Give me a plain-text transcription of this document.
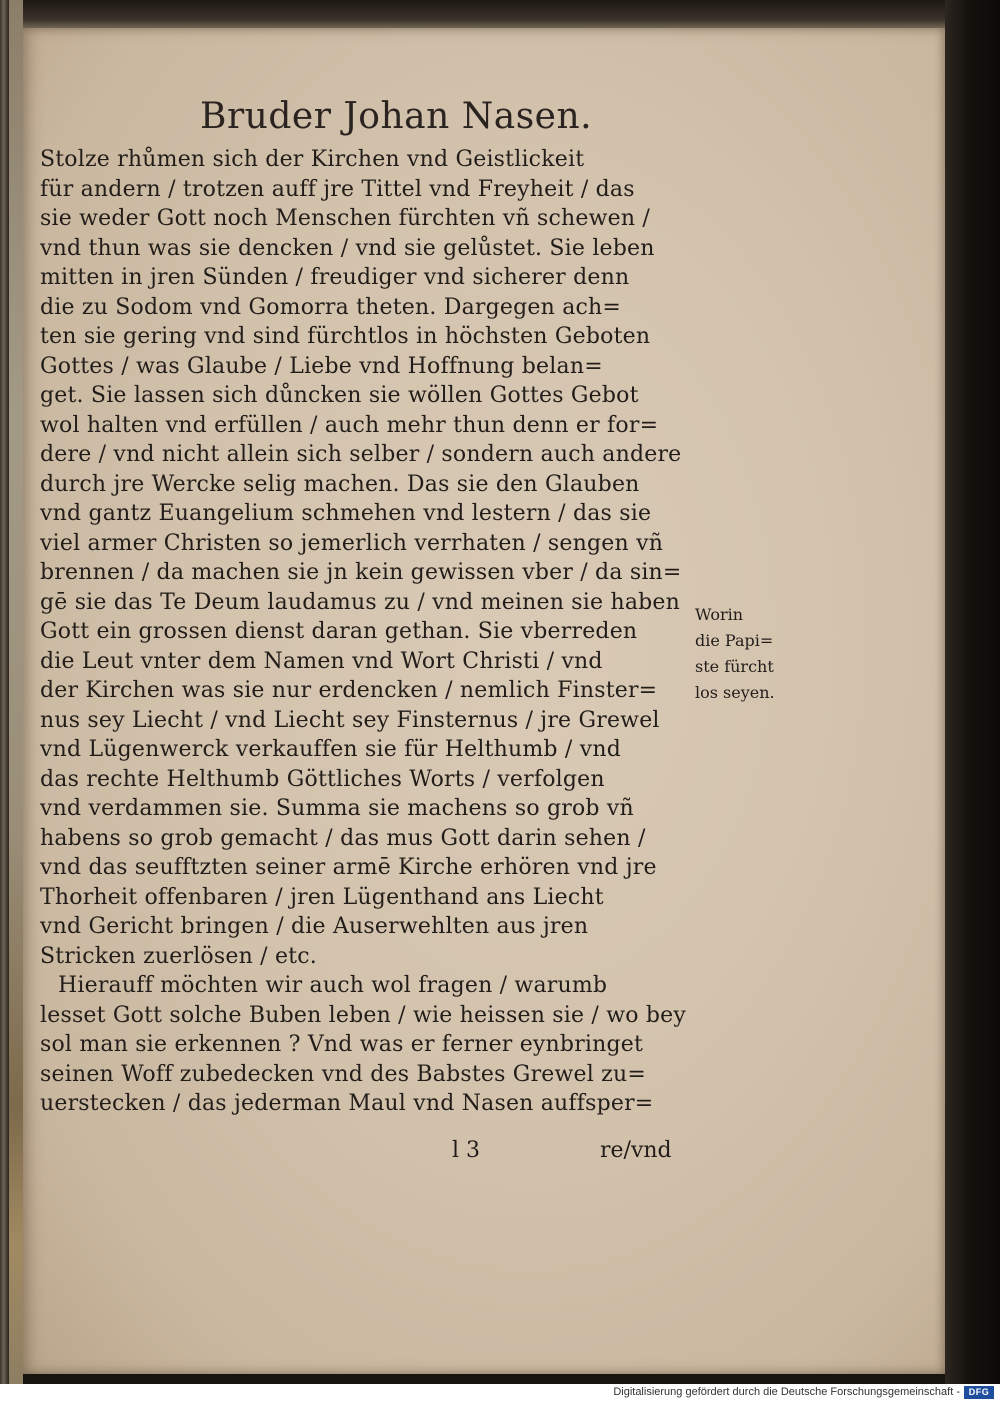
Bruder Johan Nasen.
Stolze rhůmen sich der Kirchen vnd Geistlickeit
für andern / trotzen auff jre Tittel vnd Freyheit / das
sie weder Gott noch Menschen fürchten vñ schewen /
vnd thun was sie dencken / vnd sie gelůstet. Sie leben
mitten in jren Sünden / freudiger vnd sicherer denn
die zu Sodom vnd Gomorra theten. Dargegen ach=
ten sie gering vnd sind fürchtlos in höchsten Geboten
Gottes / was Glaube / Liebe vnd Hoffnung belan=
get. Sie lassen sich důncken sie wöllen Gottes Gebot
wol halten vnd erfüllen / auch mehr thun denn er for=
dere / vnd nicht allein sich selber / sondern auch andere
durch jre Wercke selig machen. Das sie den Glauben
vnd gantz Euangelium schmehen vnd lestern / das sie
viel armer Christen so jemerlich verrhaten / sengen vñ
brennen / da machen sie jn kein gewissen vber / da sin=
gē sie das Te Deum laudamus zu / vnd meinen sie haben
Gott ein grossen dienst daran gethan. Sie vberreden
die Leut vnter dem Namen vnd Wort Christi / vnd
der Kirchen was sie nur erdencken / nemlich Finster=
nus sey Liecht / vnd Liecht sey Finsternus / jre Grewel
vnd Lügenwerck verkauffen sie für Helthumb / vnd
das rechte Helthumb Göttliches Worts / verfolgen
vnd verdammen sie. Summa sie machens so grob vñ
habens so grob gemacht / das mus Gott darin sehen /
vnd das seufftzten seiner armē Kirche erhören vnd jre
Thorheit offenbaren / jren Lügenthand ans Liecht
vnd Gericht bringen / die Auserwehlten aus jren
Stricken zuerlösen / etc.
Hierauff möchten wir auch wol fragen / warumb
lesset Gott solche Buben leben / wie heissen sie / wo bey
sol man sie erkennen ? Vnd was er ferner eynbringet
seinen Woff zubedecken vnd des Babstes Grewel zu=
uerstecken / das jederman Maul vnd Nasen auffsper=
Worin
die Papi=
ste fürcht
los seyen.
l 3	re/vnd
Digitalisierung gefördert durch die Deutsche Forschungsgemeinschaft - DFG
